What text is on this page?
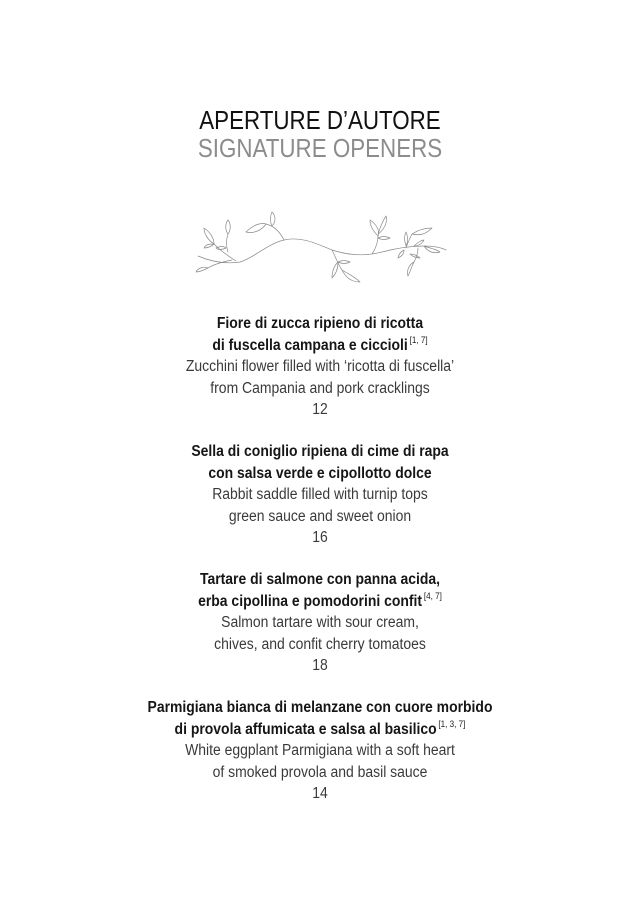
APERTURE D’AUTORE
SIGNATURE OPENERS
Fiore di zucca ripieno di ricotta
di fuscella campana e ciccioli [1, 7]
Zucchini flower filled with ‘ricotta di fuscella’
from Campania and pork cracklings
12
Sella di coniglio ripiena di cime di rapa
con salsa verde e cipollotto dolce
Rabbit saddle filled with turnip tops
green sauce and sweet onion
16
Tartare di salmone con panna acida,
erba cipollina e pomodorini confit [4, 7]
Salmon tartare with sour cream,
chives, and confit cherry tomatoes
18
Parmigiana bianca di melanzane con cuore morbido
di provola affumicata e salsa al basilico [1, 3, 7]
White eggplant Parmigiana with a soft heart
of smoked provola and basil sauce
14
